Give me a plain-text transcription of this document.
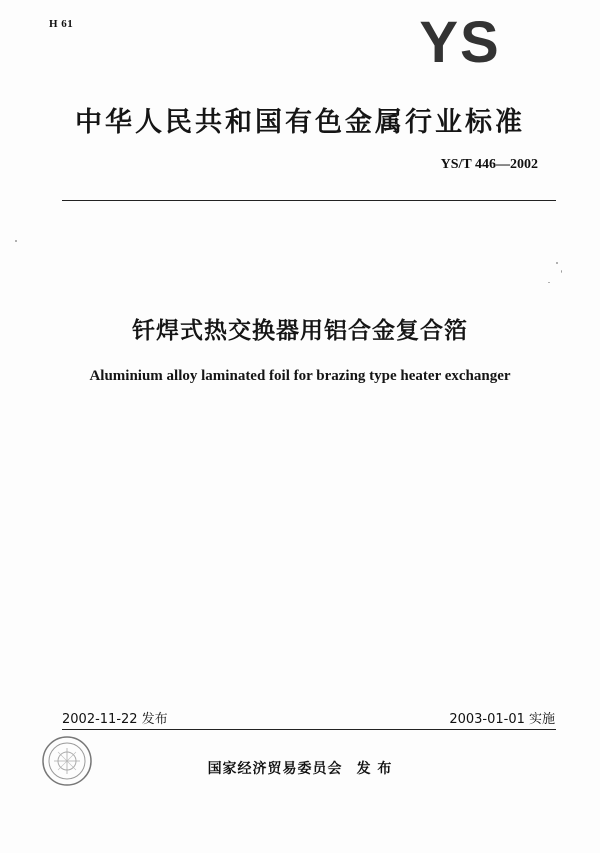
H 61	YS
中华人民共和国有色金属行业标准
YS/T 446—2002
钎焊式热交换器用铝合金复合箔
Aluminium alloy laminated foil for brazing type heater exchanger
2002-11-22 发布	2003-01-01 实施
国家经济贸易委员会 发 布
